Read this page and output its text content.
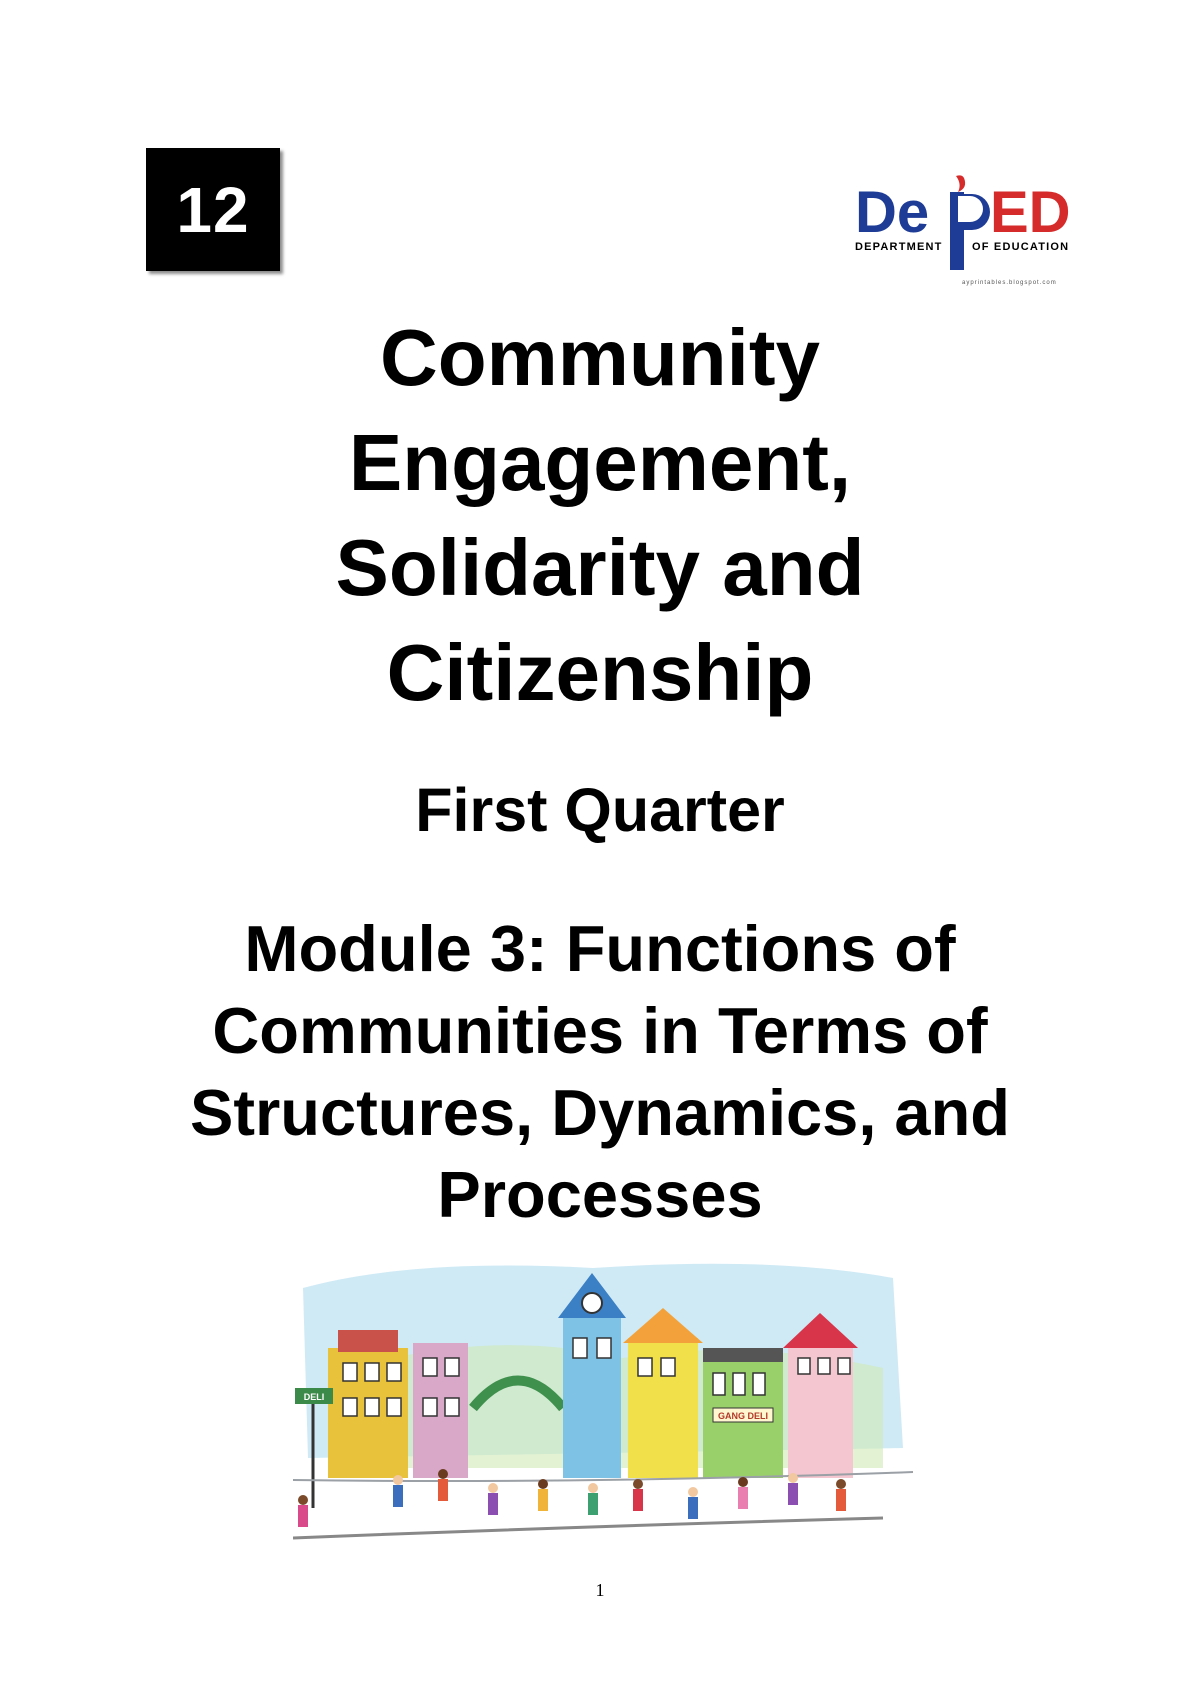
12	De ED
DEPARTMENT	OF EDUCATION
ayprintables.blogspot.com
Community
Engagement,
Solidarity and
Citizenship
First Quarter
Module 3: Functions of
Communities in Terms of
Structures, Dynamics, and
Processes
GANG DELI
DELI
1
